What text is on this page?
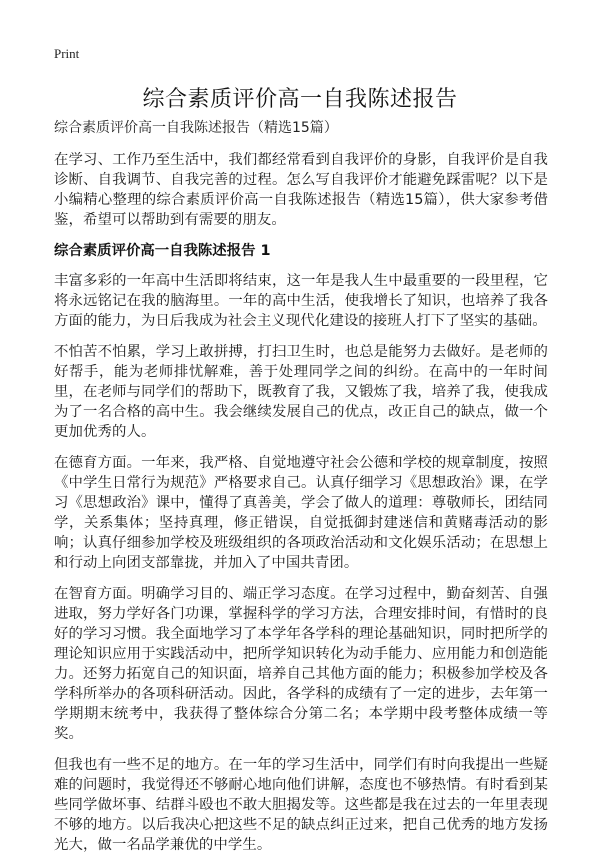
Print
综合素质评价高一自我陈述报告
综合素质评价高一自我陈述报告（精选15篇）

在学习、工作乃至生活中，我们都经常看到自我评价的身影，自我评价是自我诊断、自我调节、自我完善的过程。怎么写自我评价才能避免踩雷呢？以下是小编精心整理的综合素质评价高一自我陈述报告（精选15篇），供大家参考借鉴，希望可以帮助到有需要的朋友。

综合素质评价高一自我陈述报告 1

丰富多彩的一年高中生活即将结束，这一年是我人生中最重要的一段里程，它将永远铭记在我的脑海里。一年的高中生活，使我增长了知识，也培养了我各方面的能力，为日后我成为社会主义现代化建设的接班人打下了坚实的基础。

不怕苦不怕累，学习上敢拼搏，打扫卫生时，也总是能努力去做好。是老师的好帮手，能为老师排忧解难，善于处理同学之间的纠纷。在高中的一年时间里，在老师与同学们的帮助下，既教育了我，又锻炼了我，培养了我，使我成为了一名合格的高中生。我会继续发展自己的优点，改正自己的缺点，做一个更加优秀的人。

在德育方面。一年来，我严格、自觉地遵守社会公德和学校的规章制度，按照《中学生日常行为规范》严格要求自己。认真仔细学习《思想政治》课，在学习《思想政治》课中，懂得了真善美，学会了做人的道理：尊敬师长，团结同学，关系集体；坚持真理，修正错误，自觉抵御封建迷信和黄赌毒活动的影响；认真仔细参加学校及班级组织的各项政治活动和文化娱乐活动；在思想上和行动上向团支部靠拢，并加入了中国共青团。

在智育方面。明确学习目的、端正学习态度。在学习过程中，勤奋刻苦、自强进取，努力学好各门功课，掌握科学的学习方法，合理安排时间，有惜时的良好的学习习惯。我全面地学习了本学年各学科的理论基础知识，同时把所学的理论知识应用于实践活动中，把所学知识转化为动手能力、应用能力和创造能力。还努力拓宽自己的知识面，培养自己其他方面的能力；积极参加学校及各学科所举办的各项科研活动。因此，各学科的成绩有了一定的进步，去年第一学期期末统考中，我获得了整体综合分第二名；本学期中段考整体成绩一等奖。

但我也有一些不足的地方。在一年的学习生活中，同学们有时向我提出一些疑难的问题时，我觉得还不够耐心地向他们讲解，态度也不够热情。有时看到某些同学做坏事、结群斗殴也不敢大胆揭发等。这些都是我在过去的一年里表现不够的地方。以后我决心把这些不足的缺点纠正过来，把自己优秀的地方发扬光大，做一名品学兼优的中学生。
